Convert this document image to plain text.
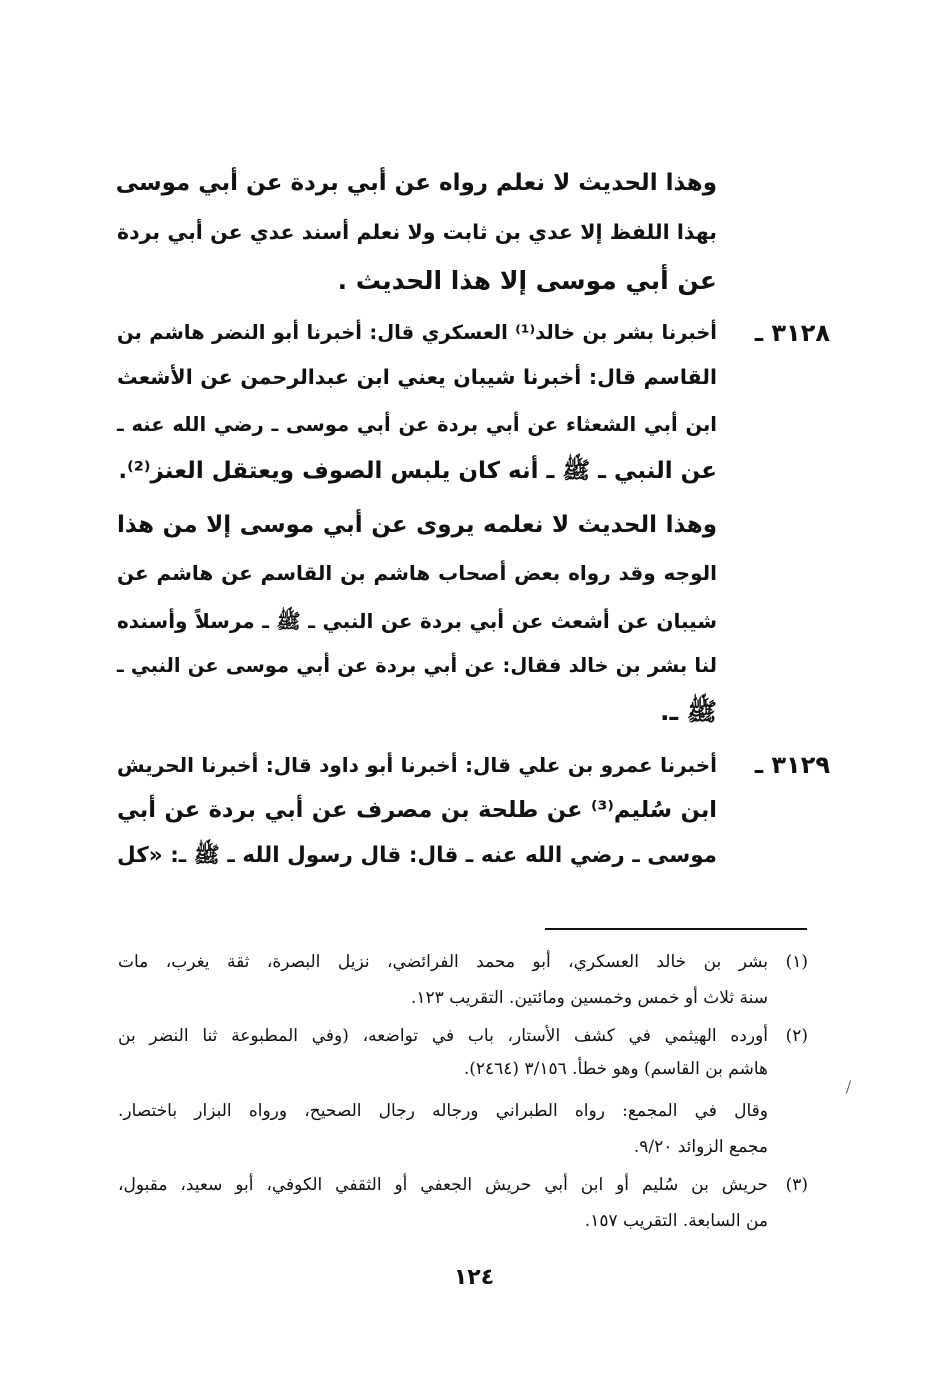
وهذا الحديث لا نعلم رواه عن أبي بردة عن أبي موسى
بهذا اللفظ إلا عدي بن ثابت ولا نعلم أسند عدي عن أبي بردة
عن أبي موسى إلا هذا الحديث .
٣١٢٨ ـ
أخبرنا بشر بن خالد⁽¹⁾ العسكري قال: أخبرنا أبو النضر هاشم بن
القاسم قال: أخبرنا شيبان يعني ابن عبدالرحمن عن الأشعث
ابن أبي الشعثاء عن أبي بردة عن أبي موسى ـ رضي الله عنه ـ
عن النبي ـ ﷺ ـ أنه كان يلبس الصوف ويعتقل العنز⁽²⁾.
وهذا الحديث لا نعلمه يروى عن أبي موسى إلا من هذا
الوجه وقد رواه بعض أصحاب هاشم بن القاسم عن هاشم عن
شيبان عن أشعث عن أبي بردة عن النبي ـ ﷺ ـ مرسلاً وأسنده
لنا بشر بن خالد فقال: عن أبي بردة عن أبي موسى عن النبي ـ
ﷺ ـ.
٣١٢٩ ـ
أخبرنا عمرو بن علي قال: أخبرنا أبو داود قال: أخبرنا الحريش
ابن سُليم⁽³⁾ عن طلحة بن مصرف عن أبي بردة عن أبي
موسى ـ رضي الله عنه ـ قال: قال رسول الله ـ ﷺ ـ: «كل
(١)
بشر بن خالد العسكري، أبو محمد الفرائضي، نزيل البصرة، ثقة يغرب، مات
سنة ثلاث أو خمس وخمسين ومائتين. التقريب ١٢٣.
(٢)
أورده الهيثمي في كشف الأستار، باب في تواضعه، (وفي المطبوعة ثنا النضر بن
هاشم بن القاسم) وهو خطأ. ٣/١٥٦ (٢٤٦٤).
وقال في المجمع: رواه الطبراني ورجاله رجال الصحيح، ورواه البزار باختصار.
مجمع الزوائد ٩/٢٠.
(٣)
حريش بن سُليم أو ابن أبي حريش الجعفي أو الثقفي الكوفي، أبو سعيد، مقبول،
من السابعة. التقريب ١٥٧.
١٢٤
